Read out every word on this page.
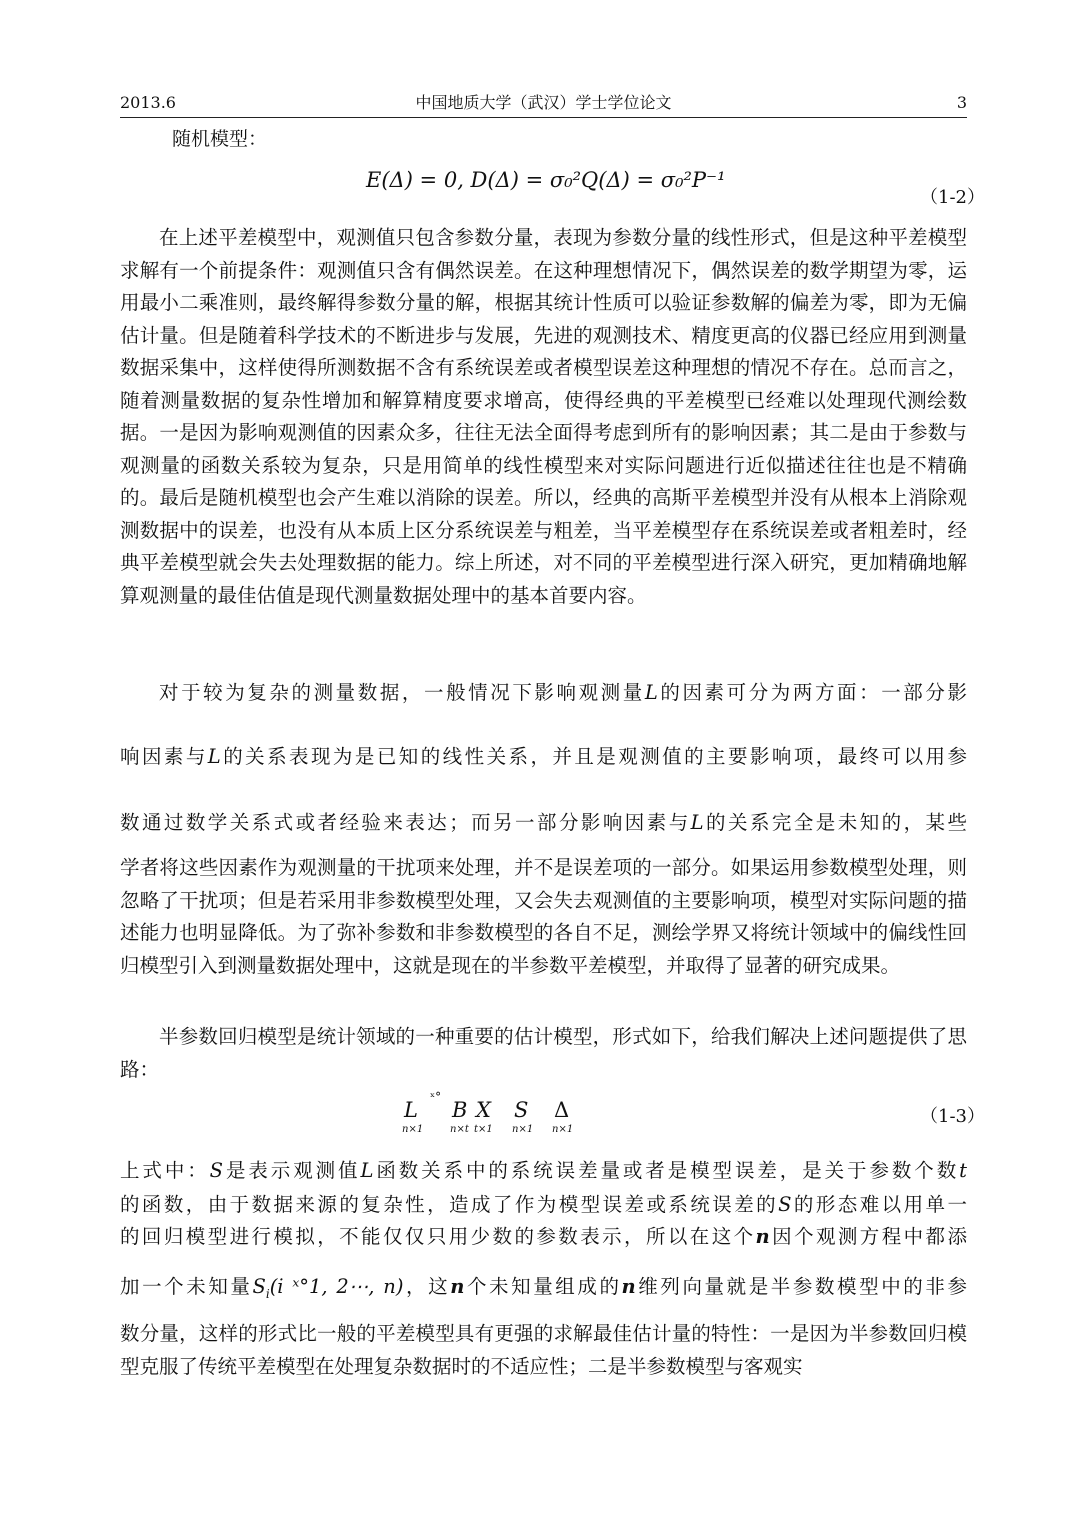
2013.6	中国地质大学（武汉）学士学位论文	3
随机模型：
E(Δ) = 0, D(Δ) = σ₀²Q(Δ) = σ₀²P⁻¹
（1-2）
在上述平差模型中，观测值只包含参数分量，表现为参数分量的线性形式，但是这种平差模型求解有一个前提条件：观测值只含有偶然误差。在这种理想情况下，偶然误差的数学期望为零，运用最小二乘准则，最终解得参数分量的解，根据其统计性质可以验证参数解的偏差为零，即为无偏估计量。但是随着科学技术的不断进步与发展，先进的观测技术、精度更高的仪器已经应用到测量数据采集中，这样使得所测数据不含有系统误差或者模型误差这种理想的情况不存在。总而言之，随着测量数据的复杂性增加和解算精度要求增高，使得经典的平差模型已经难以处理现代测绘数据。一是因为影响观测值的因素众多，往往无法全面得考虑到所有的影响因素；其二是由于参数与观测量的函数关系较为复杂，只是用简单的线性模型来对实际问题进行近似描述往往也是不精确的。最后是随机模型也会产生难以消除的误差。所以，经典的高斯平差模型并没有从根本上消除观测数据中的误差，也没有从本质上区分系统误差与粗差，当平差模型存在系统误差或者粗差时，经典平差模型就会失去处理数据的能力。综上所述，对不同的平差模型进行深入研究，更加精确地解算观测量的最佳估值是现代测量数据处理中的基本首要内容。
对于较为复杂的测量数据，一般情况下影响观测量L的因素可分为两方面：一部分影
响因素与L的关系表现为是已知的线性关系，并且是观测值的主要影响项，最终可以用参
数通过数学关系式或者经验来表达；而另一部分影响因素与L的关系完全是未知的，某些
学者将这些因素作为观测量的干扰项来处理，并不是误差项的一部分。如果运用参数模型处理，则忽略了干扰项；但是若采用非参数模型处理，又会失去观测值的主要影响项，模型对实际问题的描述能力也明显降低。为了弥补参数和非参数模型的各自不足，测绘学界又将统计领域中的偏线性回归模型引入到测量数据处理中，这就是现在的半参数平差模型，并取得了显著的研究成果。
半参数回归模型是统计领域的一种重要的估计模型，形式如下，给我们解决上述问题提供了思路：
L
n×1
ˣ°
B
n×t
X
t×1
S
n×1
Δ
n×1
（1-3）
上式中：S是表示观测值L函数关系中的系统误差量或者是模型误差，是关于参数个数t
的函数，由于数据来源的复杂性，造成了作为模型误差或系统误差的S的形态难以用单一
的回归模型进行模拟，不能仅仅只用少数的参数表示，所以在这个n因个观测方程中都添
加一个未知量$S_i(i$ ˣ°1, 2⋯, n)，这n个未知量组成的n维列向量就是半参数模型中的非参
数分量，这样的形式比一般的平差模型具有更强的求解最佳估计量的特性：一是因为半参数回归模型克服了传统平差模型在处理复杂数据时的不适应性；二是半参数模型与客观实
